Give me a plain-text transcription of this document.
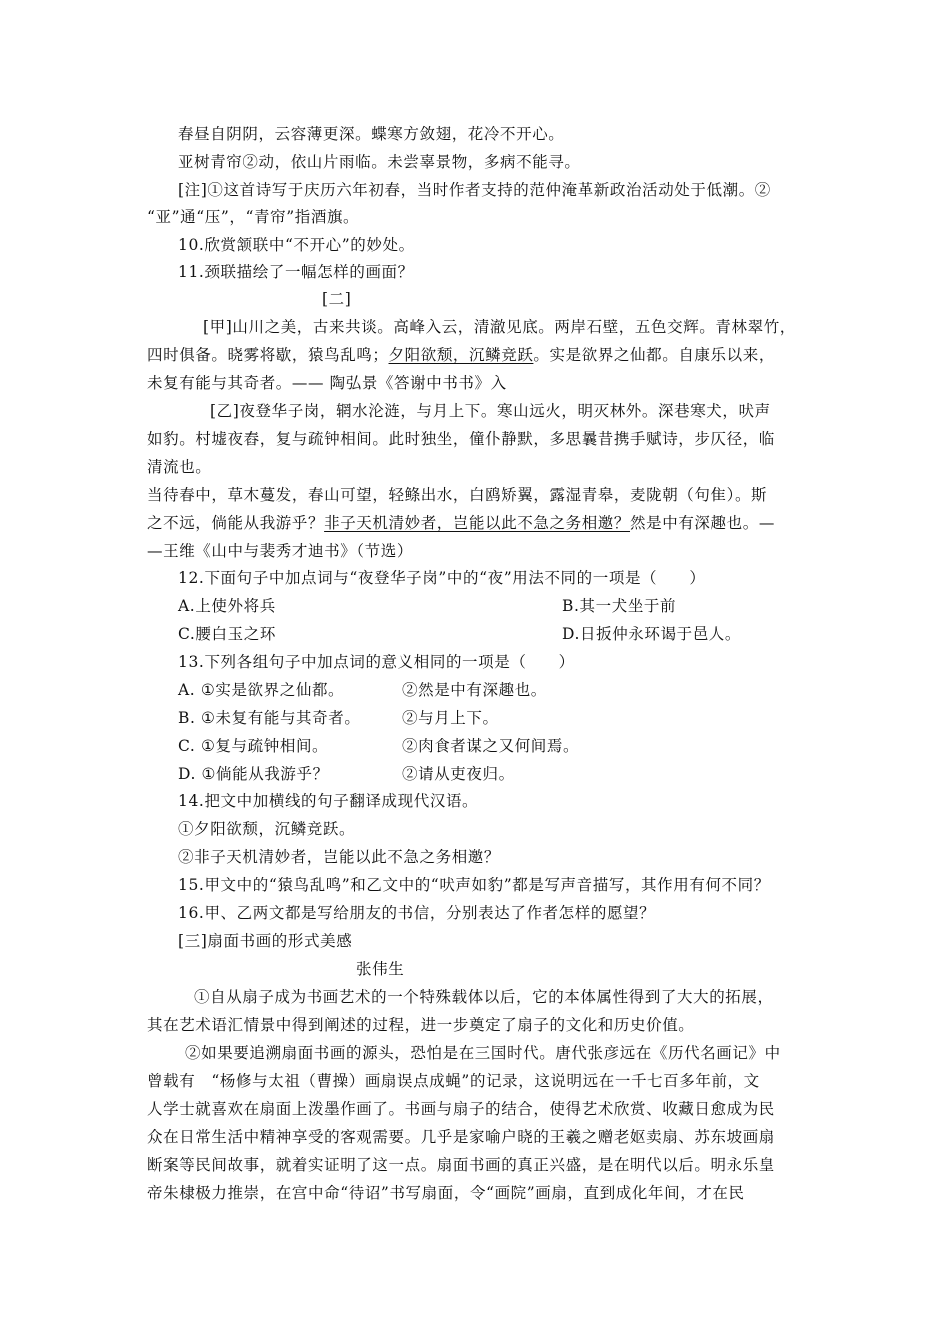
春昼自阴阴，云容薄更深。蝶寒方敛翅，花冷不开心。
亚树青帘②动，依山片雨临。未尝辜景物，多病不能寻。
[注]①这首诗写于庆历六年初春，当时作者支持的范仲淹革新政治活动处于低潮。②
“亚”通“压”，“青帘”指酒旗。
10.欣赏颔联中“不开心”的妙处。
11.颈联描绘了一幅怎样的画面？
[二]
[甲]山川之美，古来共谈。高峰入云，清澈见底。两岸石壁，五色交辉。青林翠竹，
四时俱备。晓雾将歇，猿鸟乱鸣；夕阳欲颓，沉鳞竞跃。实是欲界之仙都。自康乐以来，
未复有能与其奇者。—— 陶弘景《答谢中书书》入
[乙]夜登华子岗，辋水沦涟，与月上下。寒山远火，明灭林外。深巷寒犬，吠声
如豹。村墟夜舂，复与疏钟相间。此时独坐，僮仆静默，多思曩昔携手赋诗，步仄径，临
清流也。
当待春中，草木蔓发，春山可望，轻鲦出水，白鸥矫翼，露湿青皋，麦陇朝（句隹）。斯
之不远，倘能从我游乎？非子天机清妙者，岂能以此不急之务相邀？然是中有深趣也。—
—王维《山中与裴秀才迪书》（节选）
12.下面句子中加点词与“夜登华子岗”中的“夜”用法不同的一项是（　　）
A.上使外将兵	B.其一犬坐于前
C.腰白玉之环	D.日扳仲永环谒于邑人。
13.下列各组句子中加点词的意义相同的一项是（　　）
A. ①实是欲界之仙都。	②然是中有深趣也。
B. ①未复有能与其奇者。	②与月上下。
C. ①复与疏钟相间。	②肉食者谋之又何间焉。
D. ①倘能从我游乎？	②请从吏夜归。
14.把文中加横线的句子翻译成现代汉语。
①夕阳欲颓，沉鳞竞跃。
②非子天机清妙者，岂能以此不急之务相邀？
15.甲文中的“猿鸟乱鸣”和乙文中的“吠声如豹”都是写声音描写，其作用有何不同？
16.甲、乙两文都是写给朋友的书信，分别表达了作者怎样的愿望？
[三]扇面书画的形式美感
张伟生
①自从扇子成为书画艺术的一个特殊载体以后，它的本体属性得到了大大的拓展，
其在艺术语汇情景中得到阐述的过程，进一步奠定了扇子的文化和历史价值。
②如果要追溯扇面书画的源头，恐怕是在三国时代。唐代张彦远在《历代名画记》中
曾载有　“杨修与太祖（曹操）画扇误点成蝇”的记录，这说明远在一千七百多年前，文
人学士就喜欢在扇面上泼墨作画了。书画与扇子的结合，使得艺术欣赏、收藏日愈成为民
众在日常生活中精神享受的客观需要。几乎是家喻户晓的王羲之赠老妪卖扇、苏东坡画扇
断案等民间故事，就着实证明了这一点。扇面书画的真正兴盛，是在明代以后。明永乐皇
帝朱棣极力推崇，在宫中命“待诏”书写扇面，令“画院”画扇，直到成化年间，才在民
